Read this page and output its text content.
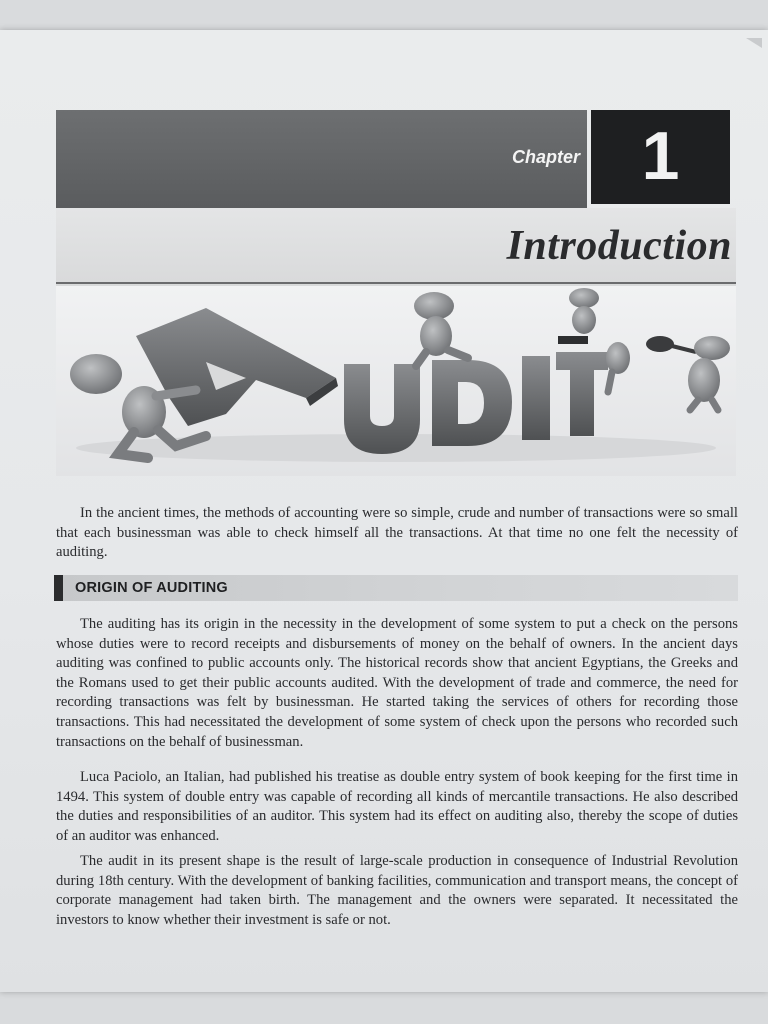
Chapter 1
Introduction

In the ancient times, the methods of accounting were so simple, crude and number of transactions were so small that each businessman was able to check himself all the transactions. At that time no one felt the necessity of auditing.

ORIGIN OF AUDITING

The auditing has its origin in the necessity in the development of some system to put a check on the persons whose duties were to record receipts and disbursements of money on the behalf of owners. In the ancient days auditing was confined to public accounts only. The historical records show that ancient Egyptians, the Greeks and the Romans used to get their public accounts audited. With the development of trade and commerce, the need for recording transactions was felt by businessman. He started taking the services of others for recording those transactions. This had necessitated the development of some system of check upon the persons who recorded such transactions on the behalf of businessman.

Luca Paciolo, an Italian, had published his treatise as double entry system of book keeping for the first time in 1494. This system of double entry was capable of recording all kinds of mercantile transactions. He also described the duties and responsibilities of an auditor. This system had its effect on auditing also, thereby the scope of duties of an auditor was enhanced.

The audit in its present shape is the result of large-scale production in consequence of Industrial Revolution during 18th century. With the development of banking facilities, communication and transport means, the concept of corporate management had taken birth. The management and the owners were separated. It necessitated the investors to know whether their investment is safe or not.
